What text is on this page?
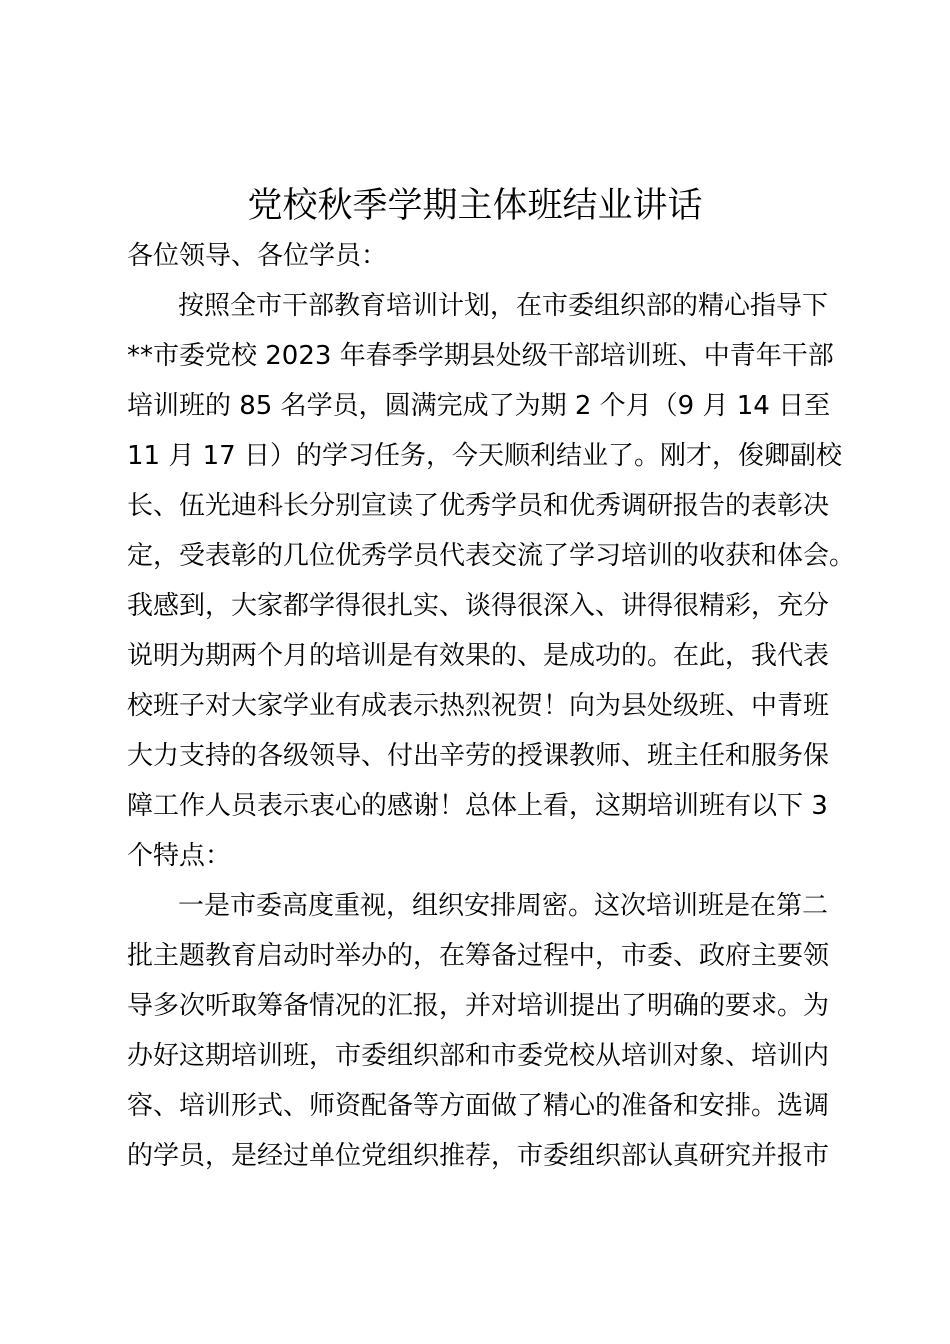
党校秋季学期主体班结业讲话
各位领导、各位学员：
按照全市干部教育培训计划，在市委组织部的精心指导下
**市委党校 2023 年春季学期县处级干部培训班、中青年干部
培训班的 85 名学员，圆满完成了为期 2 个月（9 月 14 日至
11 月 17 日）的学习任务，今天顺利结业了。刚才，俊卿副校
长、伍光迪科长分别宣读了优秀学员和优秀调研报告的表彰决
定，受表彰的几位优秀学员代表交流了学习培训的收获和体会。
我感到，大家都学得很扎实、谈得很深入、讲得很精彩，充分
说明为期两个月的培训是有效果的、是成功的。在此，我代表
校班子对大家学业有成表示热烈祝贺！向为县处级班、中青班
大力支持的各级领导、付出辛劳的授课教师、班主任和服务保
障工作人员表示衷心的感谢！总体上看，这期培训班有以下 3
个特点：
一是市委高度重视，组织安排周密。这次培训班是在第二
批主题教育启动时举办的，在筹备过程中，市委、政府主要领
导多次听取筹备情况的汇报，并对培训提出了明确的要求。为
办好这期培训班，市委组织部和市委党校从培训对象、培训内
容、培训形式、师资配备等方面做了精心的准备和安排。选调
的学员，是经过单位党组织推荐，市委组织部认真研究并报市
